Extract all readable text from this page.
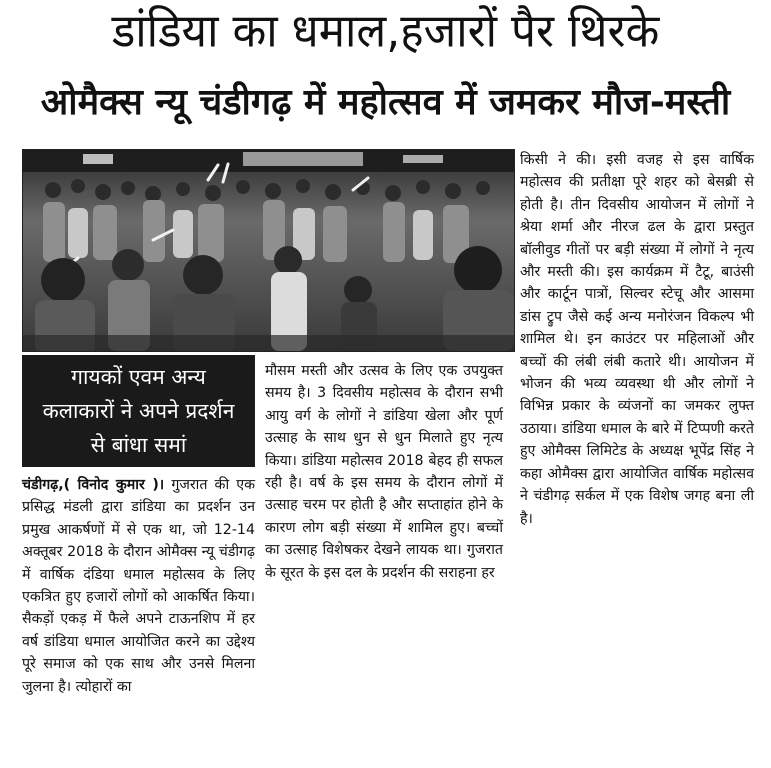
डांडिया का धमाल,हजारों पैर थिरके
ओमैक्स न्यू चंडीगढ़ में महोत्सव में जमकर मौज-मस्ती
गायकों एवम अन्य
कलाकारों ने अपने प्रदर्शन
से बांधा समां

चंडीगढ़,( विनोद कुमार )। गुजरात की एक प्रसिद्ध मंडली द्वारा डांडिया का प्रदर्शन उन प्रमुख आकर्षणों में से एक था, जो 12-14 अक्तूबर 2018 के दौरान ओमैक्स न्यू चंडीगढ़ में वार्षिक दंडिया धमाल महोत्सव के लिए एकत्रित हुए हजारों लोगों को आकर्षित किया। सैकड़ों एकड़ में फैले अपने टाऊनशिप में हर वर्ष डांडिया धमाल आयोजित करने का उद्देश्य पूरे समाज को एक साथ और उनसे मिलना जुलना है। त्योहारों का

मौसम मस्ती और उत्सव के लिए एक उपयुक्त समय है। 3 दिवसीय महोत्सव के दौरान सभी आयु वर्ग के लोगों ने डांडिया खेला और पूर्ण उत्साह के साथ धुन से धुन मिलाते हुए नृत्य किया। डांडिया महोत्सव 2018 बेहद ही सफल रही है। वर्ष के इस समय के दौरान लोगों में उत्साह चरम पर होती है और सप्ताहांत होने के कारण लोग बड़ी संख्या में शामिल हुए। बच्चों का उत्साह विशेषकर देखने लायक था। गुजरात के सूरत के इस दल के प्रदर्शन की सराहना हर

किसी ने की। इसी वजह से इस वार्षिक महोत्सव की प्रतीक्षा पूरे शहर को बेसब्री से होती है। तीन दिवसीय आयोजन में लोगों ने श्रेया शर्मा और नीरज ढल के द्वारा प्रस्तुत बॉलीवुड गीतों पर बड़ी संख्या में लोगों ने नृत्य और मस्ती की। इस कार्यक्रम में टैटू, बाउंसी और कार्टून पात्रों, सिल्वर स्टेचू और आसमा डांस ट्रुप जैसे कई अन्य मनोरंजन विकल्प भी शामिल थे। इन काउंटर पर महिलाओं और बच्चों की लंबी लंबी कतारे थी। आयोजन में भोजन की भव्य व्यवस्था थी और लोगों ने विभिन्न प्रकार के व्यंजनों का जमकर लुफ्त उठाया। डांडिया धमाल के बारे में टिप्पणी करते हुए ओमैक्स लिमिटेड के अध्यक्ष भूपेंद्र सिंह ने कहा ओमैक्स द्वारा आयोजित वार्षिक महोत्सव ने चंडीगढ़ सर्कल में एक विशेष जगह बना ली है।
